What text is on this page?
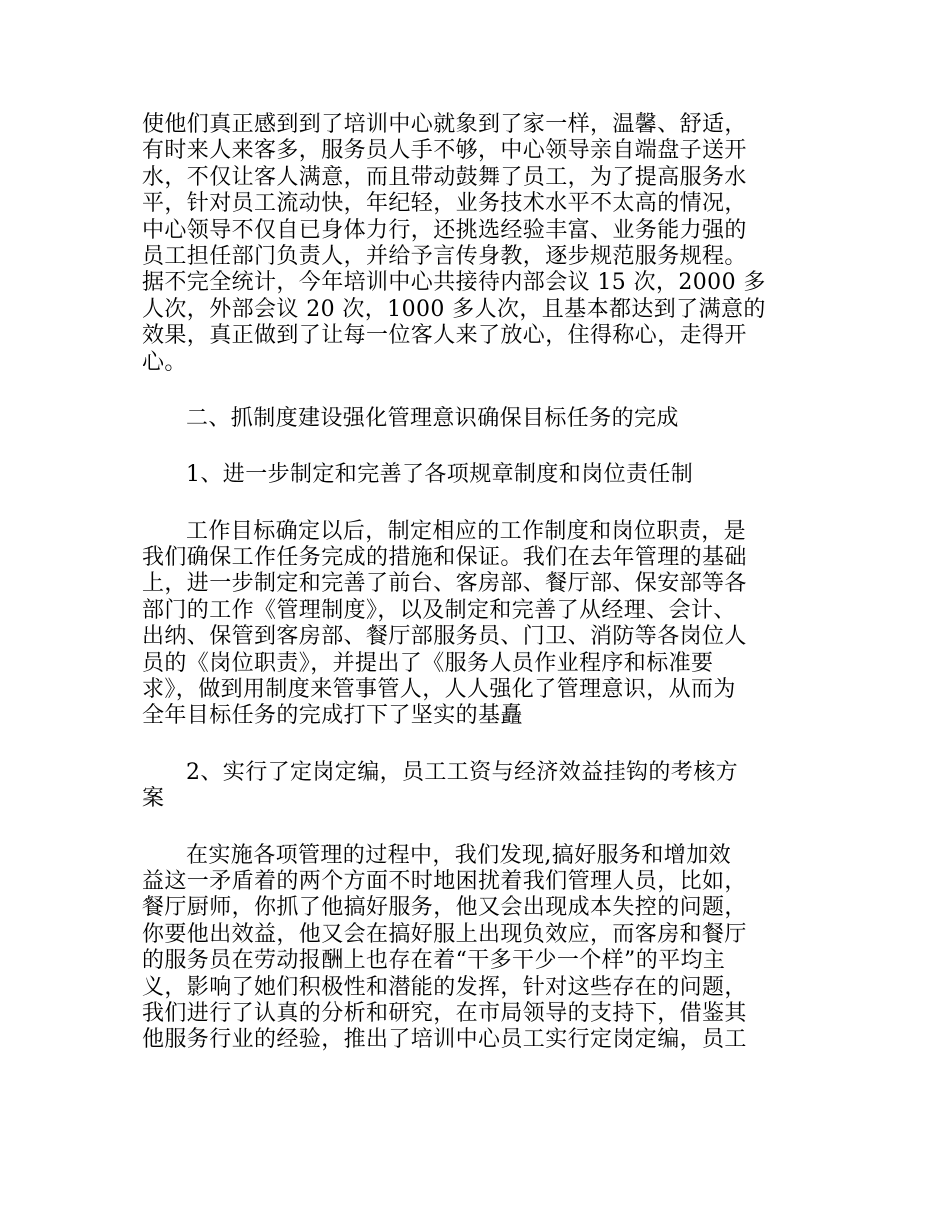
使他们真正感到到了培训中心就象到了家一样，温馨、舒适，
有时来人来客多，服务员人手不够，中心领导亲自端盘子送开
水，不仅让客人满意，而且带动鼓舞了员工，为了提高服务水
平，针对员工流动快，年纪轻，业务技术水平不太高的情况，
中心领导不仅自已身体力行，还挑选经验丰富、业务能力强的
员工担任部门负责人，并给予言传身教，逐步规范服务规程。
据不完全统计，今年培训中心共接待内部会议 15 次，2000 多
人次，外部会议 20 次，1000 多人次，且基本都达到了满意的
效果，真正做到了让每一位客人来了放心，住得称心，走得开
心。
二、抓制度建设强化管理意识确保目标任务的完成
1、进一步制定和完善了各项规章制度和岗位责任制
工作目标确定以后，制定相应的工作制度和岗位职责，是
我们确保工作任务完成的措施和保证。我们在去年管理的基础
上，进一步制定和完善了前台、客房部、餐厅部、保安部等各
部门的工作《管理制度》，以及制定和完善了从经理、会计、
出纳、保管到客房部、餐厅部服务员、门卫、消防等各岗位人
员的《岗位职责》，并提出了《服务人员作业程序和标准要
求》，做到用制度来管事管人，人人强化了管理意识，从而为
全年目标任务的完成打下了坚实的基矗
2、实行了定岗定编，员工工资与经济效益挂钩的考核方
案
在实施各项管理的过程中，我们发现,搞好服务和增加效
益这一矛盾着的两个方面不时地困扰着我们管理人员，比如，
餐厅厨师，你抓了他搞好服务，他又会出现成本失控的问题，
你要他出效益，他又会在搞好服上出现负效应，而客房和餐厅
的服务员在劳动报酬上也存在着“干多干少一个样”的平均主
义，影响了她们积极性和潜能的发挥，针对这些存在的问题，
我们进行了认真的分析和研究，在市局领导的支持下，借鉴其
他服务行业的经验，推出了培训中心员工实行定岗定编，员工
